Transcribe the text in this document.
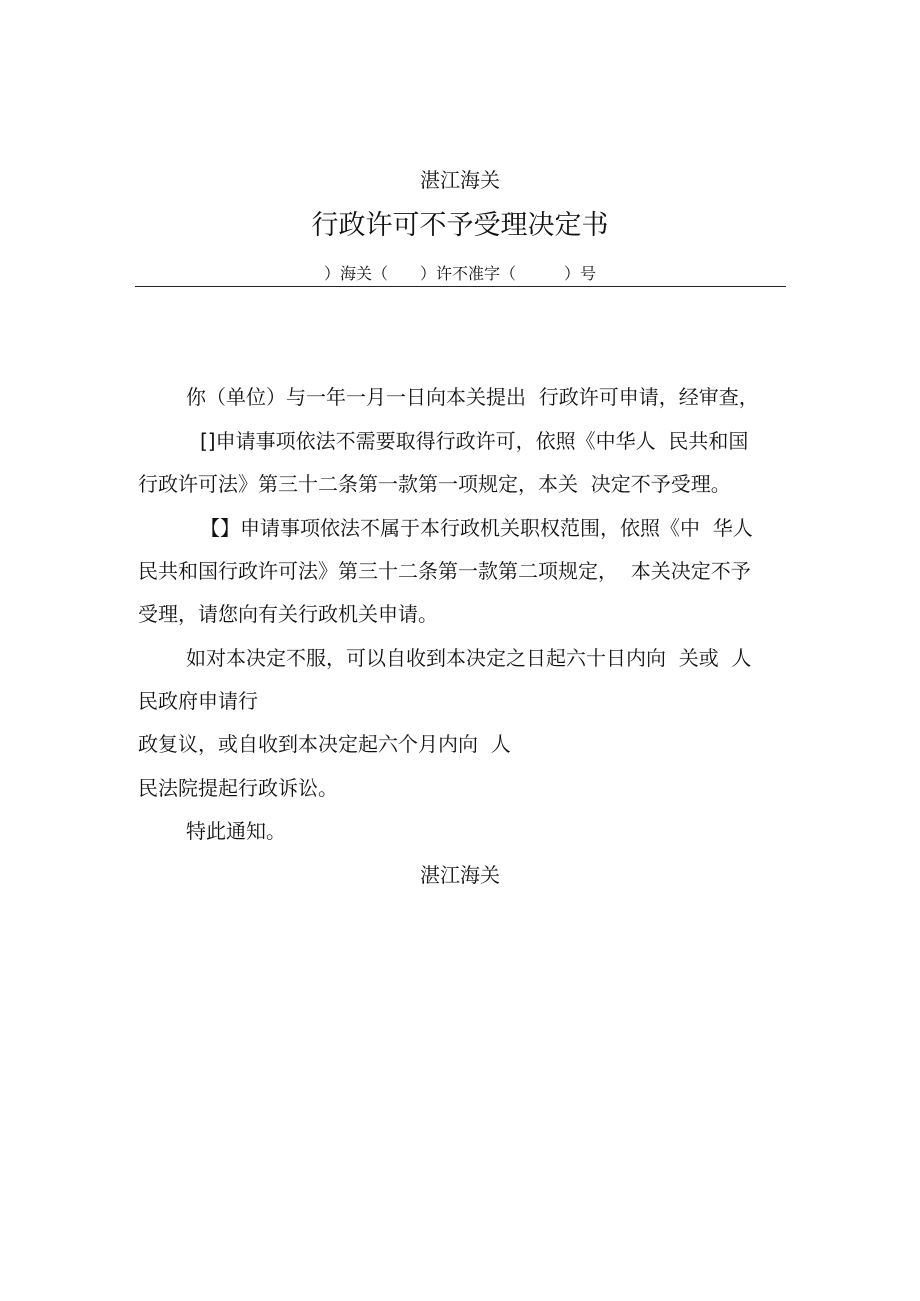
湛江海关
行政许可不予受理决定书
）海关（　　）许不准字（　　　）号
你（单位）与一年一月一日向本关提出  行政许可申请，经审查，
[]申请事项依法不需要取得行政许可，依照《中华人  民共和国
行政许可法》第三十二条第一款第一项规定，本关  决定不予受理。
【】申请事项依法不属于本行政机关职权范围，依照《中  华人
民共和国行政许可法》第三十二条第一款第二项规定，  本关决定不予
受理，请您向有关行政机关申请。
如对本决定不服，可以自收到本决定之日起六十日内向  关或  人
民政府申请行
政复议，或自收到本决定起六个月内向  人
民法院提起行政诉讼。
特此通知。
湛江海关
